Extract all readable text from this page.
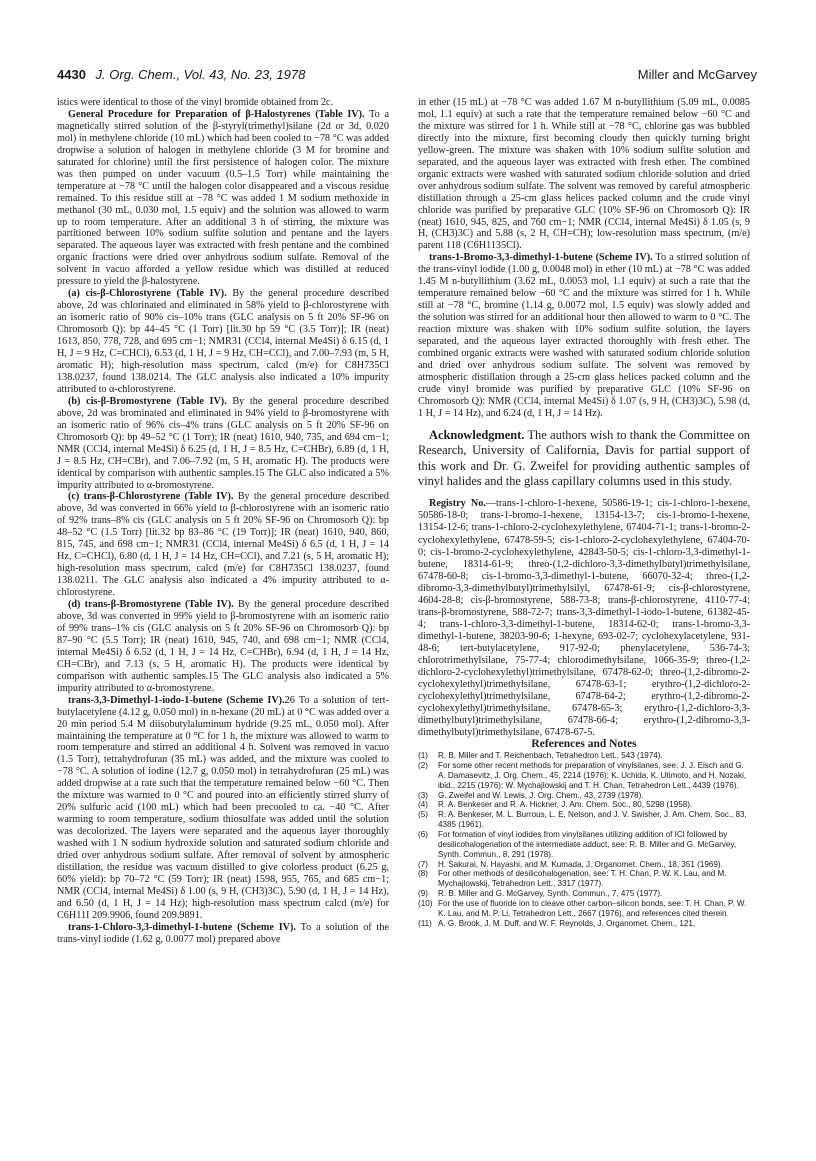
4430 J. Org. Chem., Vol. 43, No. 23, 1978	Miller and McGarvey

istics were identical to those of the vinyl bromide obtained from 2c.

General Procedure for Preparation of β-Halostyrenes (Table IV). To a magnetically stirred solution of the β-styryl(trimethyl)silane (2d or 3d, 0.020 mol) in methylene chloride (10 mL) which had been cooled to −78 °C was added dropwise a solution of halogen in methylene chloride (3 M for bromine and saturated for chlorine) until the first persistence of halogen color. The mixture was then pumped on under vacuum (0.5–1.5 Torr) while maintaining the temperature at −78 °C until the halogen color disappeared and a viscous residue remained. To this residue still at −78 °C was added 1 M sodium methoxide in methanol (30 mL, 0.030 mol, 1.5 equiv) and the solution was allowed to warm up to room temperature. After an additional 3 h of stirring, the mixture was partitioned between 10% sodium sulfite solution and pentane and the layers separated. The aqueous layer was extracted with fresh pentane and the combined organic fractions were dried over anhydrous sodium sulfate. Removal of the solvent in vacuo afforded a yellow residue which was distilled at reduced pressure to yield the β-halostyrene.

(a) cis-β-Chlorostyrene (Table IV). By the general procedure described above, 2d was chlorinated and eliminated in 58% yield to β-chlorostyrene with an isomeric ratio of 90% cis–10% trans (GLC analysis on 5 ft 20% SF-96 on Chromosorb Q): bp 44–45 °C (1 Torr) [lit.30 bp 59 °C (3.5 Torr)]; IR (neat) 1613, 850, 778, 728, and 695 cm−1; NMR31 (CCl4, internal Me4Si) δ 6.15 (d, 1 H, J = 9 Hz, C=CHCl), 6.53 (d, 1 H, J = 9 Hz, CH=CCl), and 7.00–7.93 (m, 5 H, aromatic H); high-resolution mass spectrum, calcd (m/e) for C8H735Cl 138.0237, found 138.0214. The GLC analysis also indicated a 10% impurity attributed to α-chlorostyrene.

(b) cis-β-Bromostyrene (Table IV). By the general procedure described above, 2d was brominated and eliminated in 94% yield to β-bromostyrene with an isomeric ratio of 96% cis–4% trans (GLC analysis on 5 ft 20% SF-96 on Chromosorb Q): bp 49–52 °C (1 Torr); IR (neat) 1610, 940, 735, and 694 cm−1; NMR (CCl4, internal Me4Si) δ 6.25 (d, 1 H, J = 8.5 Hz, C=CHBr), 6.89 (d, 1 H, J = 8.5 Hz, CH=CBr), and 7.06–7.92 (m, 5 H, aromatic H). The products were identical by comparison with authentic samples.15 The GLC also indicated a 5% impurity attributed to α-bromostyrene.

(c) trans-β-Chlorostyrene (Table IV). By the general procedure described above, 3d was converted in 66% yield to β-chlorostyrene with an isomeric ratio of 92% trans–8% cis (GLC analysis on 5 ft 20% SF-96 on Chromosorb Q): bp 48–52 °C (1.5 Torr) [lit.32 bp 83–86 °C (19 Torr)]; IR (neat) 1610, 940, 860, 815, 745, and 698 cm−1; NMR31 (CCl4, internal Me4Si) δ 6.5 (d, 1 H, J = 14 Hz, C=CHCl), 6.80 (d, 1 H, J = 14 Hz, CH=CCl), and 7.21 (s, 5 H, aromatic H); high-resolution mass spectrum, calcd (m/e) for C8H735Cl 138.0237, found 138.0211. The GLC analysis also indicated a 4% impurity attributed to α-chlorostyrene.

(d) trans-β-Bromostyrene (Table IV). By the general procedure described above, 3d was converted in 99% yield to β-bromostyrene with an isomeric ratio of 99% trans–1% cis (GLC analysis on 5 ft 20% SF-96 on Chromosorb Q): bp 87–90 °C (5.5 Torr); IR (neat) 1610, 945, 740, and 698 cm−1; NMR (CCl4, internal Me4Si) δ 6.52 (d, 1 H, J = 14 Hz, C=CHBr), 6.94 (d, 1 H, J = 14 Hz, CH=CBr), and 7.13 (s, 5 H, aromatic H). The products were identical by comparison with authentic samples.15 The GLC analysis also indicated a 5% impurity attributed to α-bromostyrene.

trans-3,3-Dimethyl-1-iodo-1-butene (Scheme IV).26 To a solution of tert-butylacetylene (4.12 g, 0.050 mol) in n-hexane (20 mL) at 0 °C was added over a 20 min period 5.4 M diisobutylaluminum hydride (9.25 mL, 0.050 mol). After maintaining the temperature at 0 °C for 1 h, the mixture was allowed to warm to room temperature and stirred an additional 4 h. Solvent was removed in vacuo (1.5 Torr), tetrahydrofuran (35 mL) was added, and the mixture was cooled to −78 °C. A solution of iodine (12.7 g, 0.050 mol) in tetrahydrofuran (25 mL) was added dropwise at a rate such that the temperature remained below −60 °C. Then the mixture was warmed to 0 °C and poured into an efficiently stirred slurry of 20% sulfuric acid (100 mL) which had been precooled to ca. −40 °C. After warming to room temperature, sodium thiosulfate was added until the solution was decolorized. The layers were separated and the aqueous layer thoroughly washed with 1 N sodium hydroxide solution and saturated sodium chloride and dried over anhydrous sodium sulfate. After removal of solvent by atmospheric distillation, the residue was vacuum distilled to give colorless product (6.25 g, 60% yield): bp 70–72 °C (59 Torr); IR (neat) 1598, 955, 765, and 685 cm−1; NMR (CCl4, internal Me4Si) δ 1.00 (s, 9 H, (CH3)3C), 5.90 (d, 1 H, J = 14 Hz), and 6.50 (d, 1 H, J = 14 Hz); high-resolution mass spectrum calcd (m/e) for C6H11I 209.9906, found 209.9891.

trans-1-Chloro-3,3-dimethyl-1-butene (Scheme IV). To a solution of the trans-vinyl iodide (1.62 g, 0.0077 mol) prepared above

in ether (15 mL) at −78 °C was added 1.67 M n-butyllithium (5.09 mL, 0.0085 mol, 1.1 equiv) at such a rate that the temperature remained below −60 °C and the mixture was stirred for 1 h. While still at −78 °C, chlorine gas was bubbled directly into the mixture, first becoming cloudy then quickly turning bright yellow-green. The mixture was shaken with 10% sodium sulfite solution and separated, and the aqueous layer was extracted with fresh ether. The combined organic extracts were washed with saturated sodium chloride solution and dried over anhydrous sodium sulfate. The solvent was removed by careful atmospheric distillation through a 25-cm glass helices packed column and the crude vinyl chloride was purified by preparative GLC (10% SF-96 on Chromosorb Q): IR (neat) 1610, 945, 825, and 760 cm−1; NMR (CCl4, internal Me4Si) δ 1.05 (s, 9 H, (CH3)3C) and 5.88 (s, 2 H, CH=CH); low-resolution mass spectrum, (m/e) parent 118 (C6H1135Cl).

trans-1-Bromo-3,3-dimethyl-1-butene (Scheme IV). To a stirred solution of the trans-vinyl iodide (1.00 g, 0.0048 mol) in ether (10 mL) at −78 °C was added 1.45 M n-butyllithium (3.62 mL, 0.0053 mol, 1.1 equiv) at such a rate that the temperature remained below −60 °C and the mixture was stirred for 1 h. While still at −78 °C, bromine (1.14 g, 0.0072 mol, 1.5 equiv) was slowly added and the solution was stirred for an additional hour then allowed to warm to 0 °C. The reaction mixture was shaken with 10% sodium sulfite solution, the layers separated, and the aqueous layer extracted thoroughly with fresh ether. The combined organic extracts were washed with saturated sodium chloride solution and dried over anhydrous sodium sulfate. The solvent was removed by atmospheric distillation through a 25-cm glass helices packed column and the crude vinyl bromide was purified by preparative GLC (10% SF-96 on Chromosorb Q): NMR (CCl4, internal Me4Si) δ 1.07 (s, 9 H, (CH3)3C), 5.98 (d, 1 H, J = 14 Hz), and 6.24 (d, 1 H, J = 14 Hz).

Acknowledgment. The authors wish to thank the Committee on Research, University of California, Davis for partial support of this work and Dr. G. Zweifel for providing authentic samples of vinyl halides and the glass capillary columns used in this study.

Registry No.—trans-1-chloro-1-hexene, 50586-19-1; cis-1-chloro-1-hexene, 50586-18-0; trans-1-bromo-1-hexene, 13154-13-7; cis-1-bromo-1-hexene, 13154-12-6; trans-1-chloro-2-cyclohexylethylene, 67404-71-1; trans-1-bromo-2-cyclohexylethylene, 67478-59-5; cis-1-chloro-2-cyclohexylethylene, 67404-70-0; cis-1-bromo-2-cyclohexylethylene, 42843-50-5; cis-1-chloro-3,3-dimethyl-1-butene, 18314-61-9; threo-(1,2-dichloro-3,3-dimethylbutyl)trimethylsilane, 67478-60-8; cis-1-bromo-3,3-dimethyl-1-butene, 66070-32-4; threo-(1,2-dibromo-3,3-dimethylbutyl)trimethylsilyl, 67478-61-9; cis-β-chlorostyrene, 4604-28-8; cis-β-bromostyrene, 588-73-8; trans-β-chlorostyrene, 4110-77-4; trans-β-bromostyrene, 588-72-7; trans-3,3-dimethyl-1-iodo-1-butene, 61382-45-4; trans-1-chloro-3,3-dimethyl-1-butene, 18314-62-0; trans-1-bromo-3,3-dimethyl-1-butene, 38203-90-6; 1-hexyne, 693-02-7; cyclohexylacetylene, 931-48-6; tert-butylacetylene, 917-92-0; phenylacetylene, 536-74-3; chlorotrimethylsilane, 75-77-4; chlorodimethylsilane, 1066-35-9; threo-(1,2-dichloro-2-cyclohexylethyl)trimethylsilane, 67478-62-0; threo-(1,2-dibromo-2-cyclohexylethyl)trimethylsilane, 67478-63-1; erythro-(1,2-dichloro-2-cyclohexylethyl)trimethylsilane, 67478-64-2; erythro-(1,2-dibromo-2-cyclohexylethyl)trimethylsilane, 67478-65-3; erythro-(1,2-dichloro-3,3-dimethylbutyl)trimethylsilane, 67478-66-4; erythro-(1,2-dibromo-3,3-dimethylbutyl)trimethylsilane, 67478-67-5.

References and Notes

(1) R. B. Miller and T. Reichenbach, Tetrahedron Lett., 543 (1974).
(2) For some other recent methods for preparation of vinylsilanes, see: J. J. Eisch and G. A. Damasevitz, J. Org. Chem., 45, 2214 (1976); K. Uchida, K. Utimoto, and H. Nozaki, ibid., 2215 (1976); W. Mychajlowskij and T. H. Chan, Tetrahedron Lett., 4439 (1976).
(3) G. Zweifel and W. Lewis, J. Org. Chem., 43, 2739 (1978).
(4) R. A. Benkeser and R. A. Hickner, J. Am. Chem. Soc., 80, 5298 (1958).
(5) R. A. Benkeser, M. L. Burrous, L. E. Nelson, and J. V. Swisher, J. Am. Chem. Soc., 83, 4385 (1961).
(6) For formation of vinyl iodides from vinylsilanes utilizing addition of ICl followed by desilicohalogenation of the intermediate adduct, see: R. B. Miller and G. McGarvey, Synth. Commun., 8, 291 (1978).
(7) H. Sakurai, N. Hayashi, and M. Kumada, J. Organomet. Chem., 18, 351 (1969).
(8) For other methods of desilicohalogenation, see: T. H. Chan, P. W. K. Lau, and M. Mychajlowskij, Tetrahedron Lett., 3317 (1977).
(9) R. B. Miller and G. McGarvey, Synth. Commun., 7, 475 (1977).
(10) For the use of fluoride ion to cleave other carbon–silicon bonds, see: T. H. Chan, P. W. K. Lau, and M. P. Li, Tetrahedron Lett., 2667 (1976), and references cited therein.
(11) A. G. Brook, J. M. Duff, and W. F. Reynolds, J. Organomet. Chem., 121,
